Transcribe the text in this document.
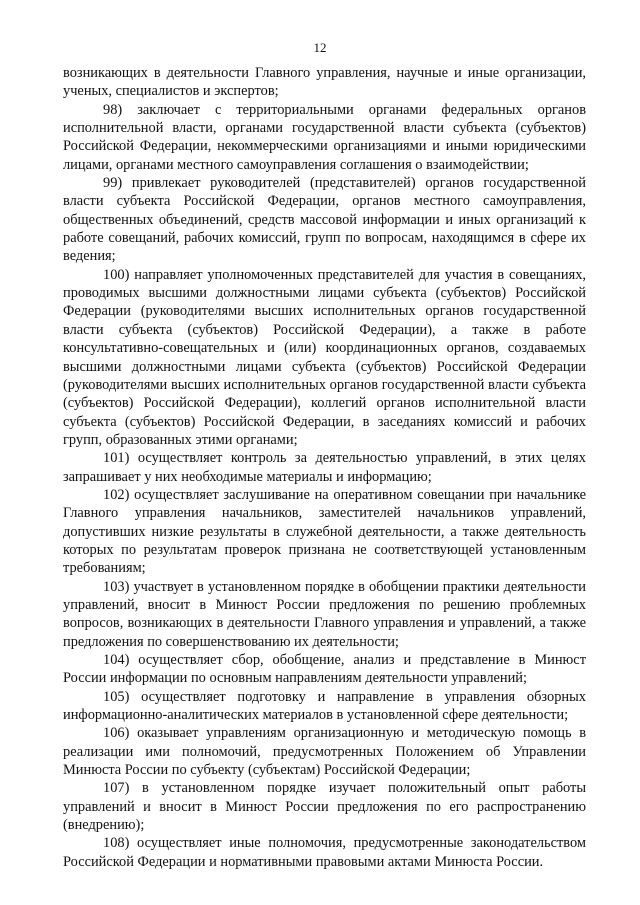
12

возникающих в деятельности Главного управления, научные и иные организации, ученых, специалистов и экспертов;

98) заключает с территориальными органами федеральных органов исполнительной власти, органами государственной власти субъекта (субъектов) Российской Федерации, некоммерческими организациями и иными юридическими лицами, органами местного самоуправления соглашения о взаимодействии;

99) привлекает руководителей (представителей) органов государственной власти субъекта Российской Федерации, органов местного самоуправления, общественных объединений, средств массовой информации и иных организаций к работе совещаний, рабочих комиссий, групп по вопросам, находящимся в сфере их ведения;

100) направляет уполномоченных представителей для участия в совещаниях, проводимых высшими должностными лицами субъекта (субъектов) Российской Федерации (руководителями высших исполнительных органов государственной власти субъекта (субъектов) Российской Федерации), а также в работе консультативно-совещательных и (или) координационных органов, создаваемых высшими должностными лицами субъекта (субъектов) Российской Федерации (руководителями высших исполнительных органов государственной власти субъекта (субъектов) Российской Федерации), коллегий органов исполнительной власти субъекта (субъектов) Российской Федерации, в заседаниях комиссий и рабочих групп, образованных этими органами;

101) осуществляет контроль за деятельностью управлений, в этих целях запрашивает у них необходимые материалы и информацию;

102) осуществляет заслушивание на оперативном совещании при начальнике Главного управления начальников, заместителей начальников управлений, допустивших низкие результаты в служебной деятельности, а также деятельность которых по результатам проверок признана не соответствующей установленным требованиям;

103) участвует в установленном порядке в обобщении практики деятельности управлений, вносит в Минюст России предложения по решению проблемных вопросов, возникающих в деятельности Главного управления и управлений, а также предложения по совершенствованию их деятельности;

104) осуществляет сбор, обобщение, анализ и представление в Минюст России информации по основным направлениям деятельности управлений;

105) осуществляет подготовку и направление в управления обзорных информационно-аналитических материалов в установленной сфере деятельности;

106) оказывает управлениям организационную и методическую помощь в реализации ими полномочий, предусмотренных Положением об Управлении Минюста России по субъекту (субъектам) Российской Федерации;

107) в установленном порядке изучает положительный опыт работы управлений и вносит в Минюст России предложения по его распространению (внедрению);

108) осуществляет иные полномочия, предусмотренные законодательством Российской Федерации и нормативными правовыми актами Минюста России.
